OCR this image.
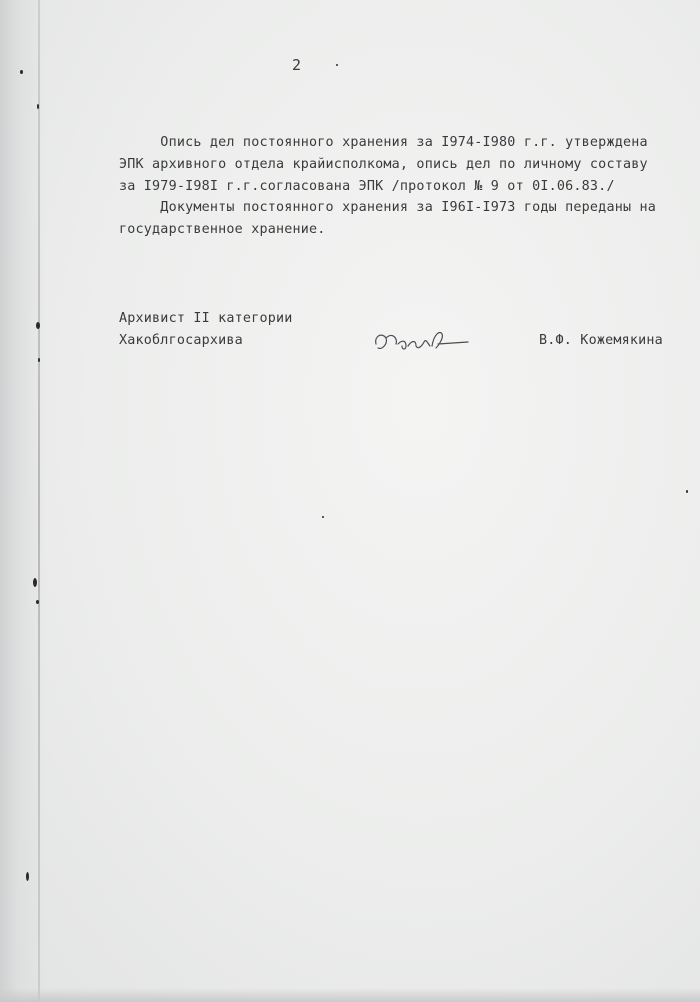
2
Опись дел постоянного хранения за I974-I980 г.г. утверждена
ЭПК архивного отдела крайисполкома, опись дел по личному составу
за I979-I98I г.г.согласована ЭПК /протокол № 9 от 0I.06.83./
Документы постоянного хранения за I96I-I973 годы переданы на
государственное хранение.
Архивист II категории
Хакоблгосархива	В.Ф. Кожемякина
